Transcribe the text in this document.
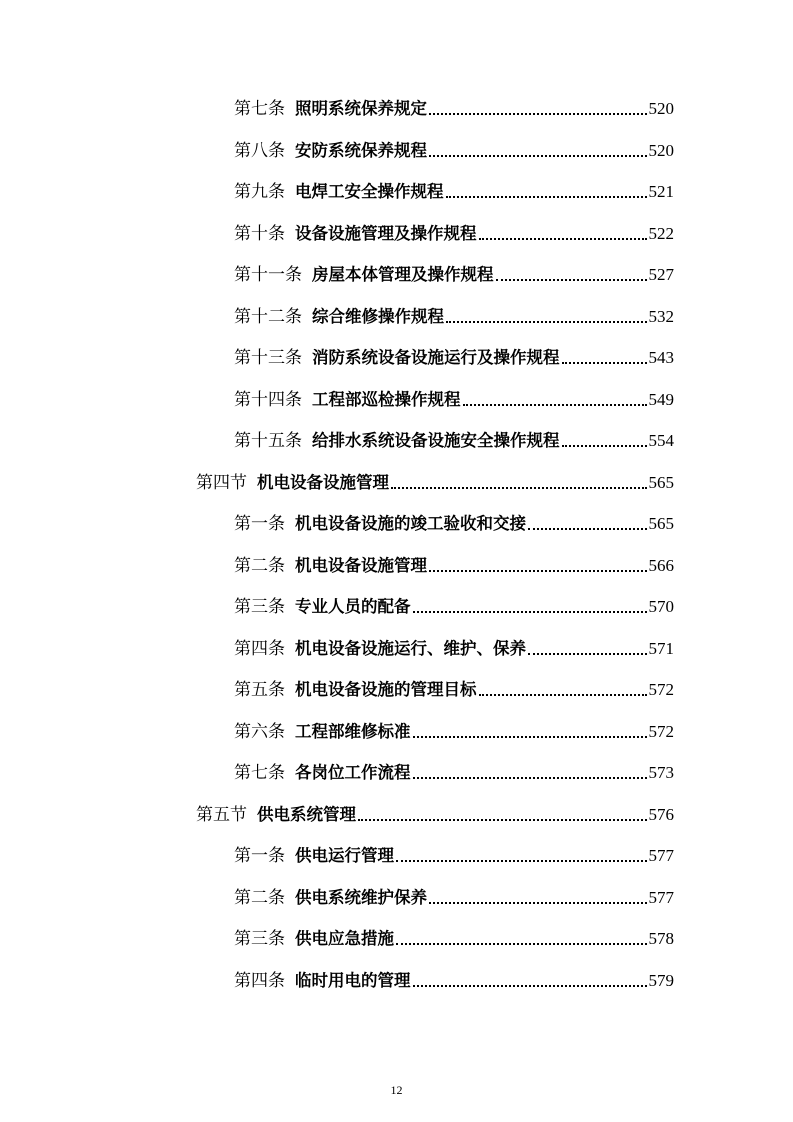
第七条 照明系统保养规定	520
第八条 安防系统保养规程	520
第九条 电焊工安全操作规程	521
第十条 设备设施管理及操作规程	522
第十一条 房屋本体管理及操作规程	527
第十二条 综合维修操作规程	532
第十三条 消防系统设备设施运行及操作规程	543
第十四条 工程部巡检操作规程	549
第十五条 给排水系统设备设施安全操作规程	554
第四节 机电设备设施管理	565
第一条 机电设备设施的竣工验收和交接	565
第二条 机电设备设施管理	566
第三条 专业人员的配备	570
第四条 机电设备设施运行、维护、保养	571
第五条 机电设备设施的管理目标	572
第六条 工程部维修标准	572
第七条 各岗位工作流程	573
第五节 供电系统管理	576
第一条 供电运行管理	577
第二条 供电系统维护保养	577
第三条 供电应急措施	578
第四条 临时用电的管理	579
12
